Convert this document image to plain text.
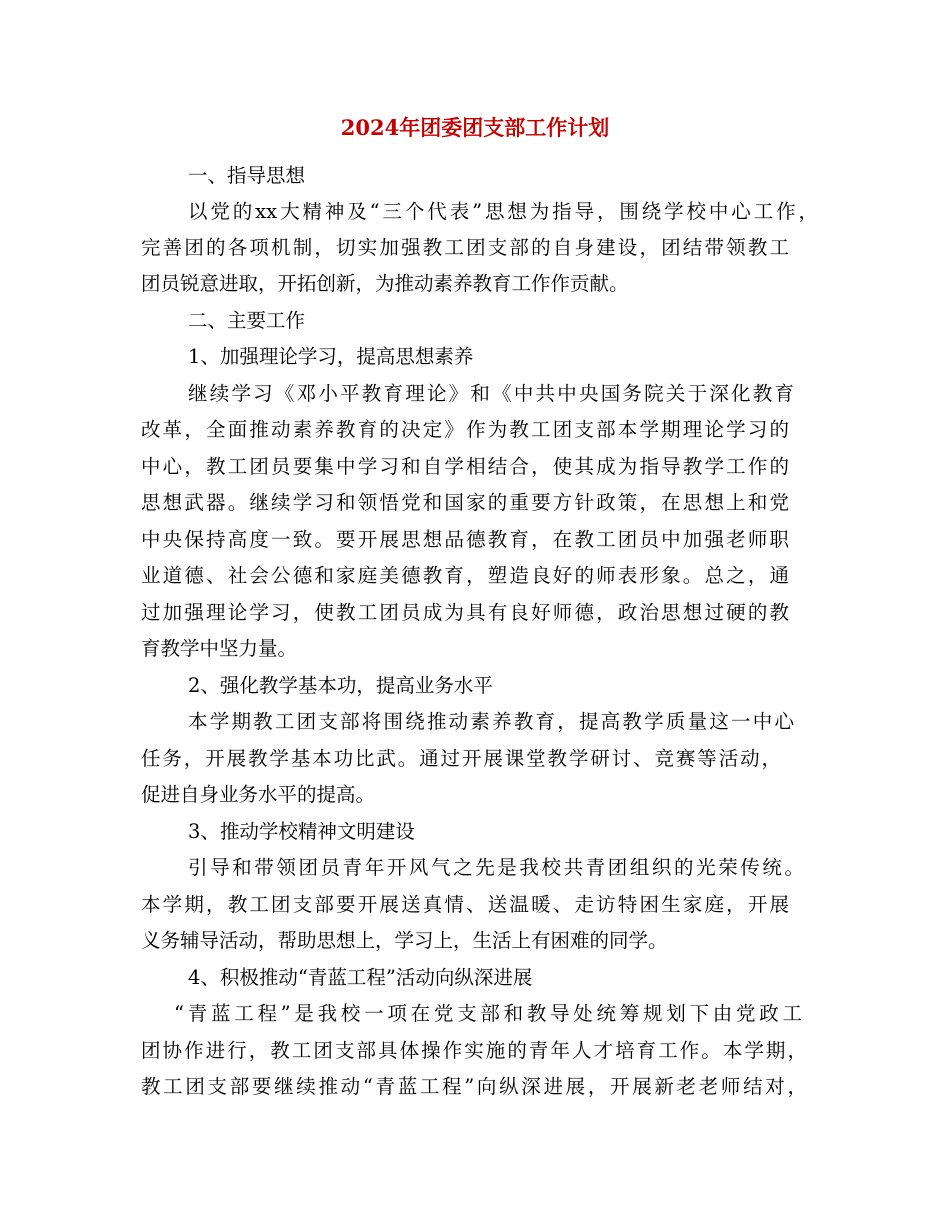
2024年团委团支部工作计划
一、指导思想
以党的xx大精神及“三个代表”思想为指导，围绕学校中心工作，
完善团的各项机制，切实加强教工团支部的自身建设，团结带领教工
团员锐意进取，开拓创新，为推动素养教育工作作贡献。
二、主要工作
1、加强理论学习，提高思想素养
继续学习《邓小平教育理论》和《中共中央国务院关于深化教育
改革，全面推动素养教育的决定》作为教工团支部本学期理论学习的
中心，教工团员要集中学习和自学相结合，使其成为指导教学工作的
思想武器。继续学习和领悟党和国家的重要方针政策，在思想上和党
中央保持高度一致。要开展思想品德教育，在教工团员中加强老师职
业道德、社会公德和家庭美德教育，塑造良好的师表形象。总之，通
过加强理论学习，使教工团员成为具有良好师德，政治思想过硬的教
育教学中坚力量。
2、强化教学基本功，提高业务水平
本学期教工团支部将围绕推动素养教育，提高教学质量这一中心
任务，开展教学基本功比武。通过开展课堂教学研讨、竞赛等活动，
促进自身业务水平的提高。
3、推动学校精神文明建设
引导和带领团员青年开风气之先是我校共青团组织的光荣传统。
本学期，教工团支部要开展送真情、送温暖、走访特困生家庭，开展
义务辅导活动，帮助思想上，学习上，生活上有困难的同学。
4、积极推动“青蓝工程”活动向纵深进展
“青蓝工程”是我校一项在党支部和教导处统筹规划下由党政工
团协作进行，教工团支部具体操作实施的青年人才培育工作。本学期，
教工团支部要继续推动“青蓝工程”向纵深进展，开展新老老师结对，
